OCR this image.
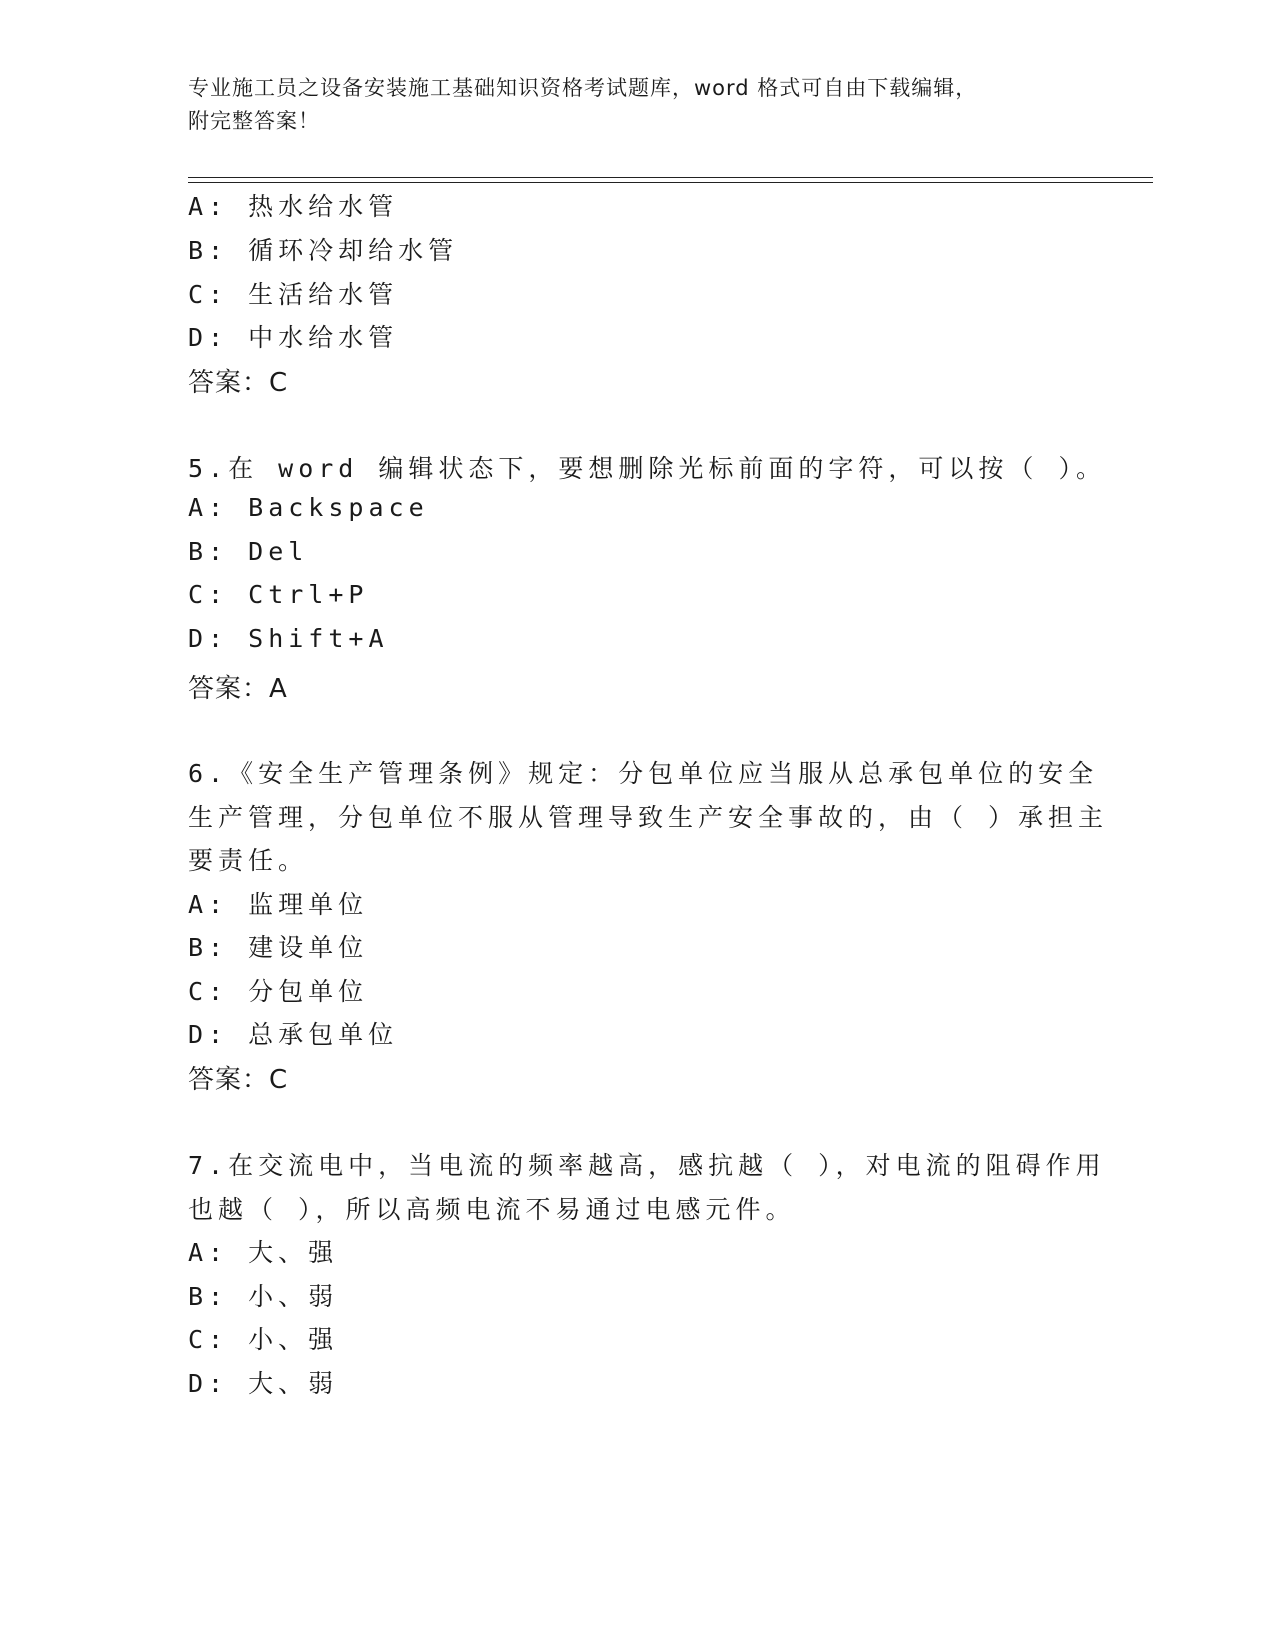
专业施工员之设备安装施工基础知识资格考试题库，word 格式可自由下载编辑，
附完整答案！
A: 热水给水管
B: 循环冷却给水管
C: 生活给水管
D: 中水给水管
答案：C
5.在 word 编辑状态下，要想删除光标前面的字符，可以按（ ）。
A: Backspace
B: Del
C: Ctrl+P
D: Shift+A
答案：A
6.《安全生产管理条例》规定：分包单位应当服从总承包单位的安全
生产管理，分包单位不服从管理导致生产安全事故的，由（ ）承担主
要责任。
A: 监理单位
B: 建设单位
C: 分包单位
D: 总承包单位
答案：C
7.在交流电中，当电流的频率越高，感抗越（ ），对电流的阻碍作用
也越（ ），所以高频电流不易通过电感元件。
A: 大、强
B: 小、弱
C: 小、强
D: 大、弱
